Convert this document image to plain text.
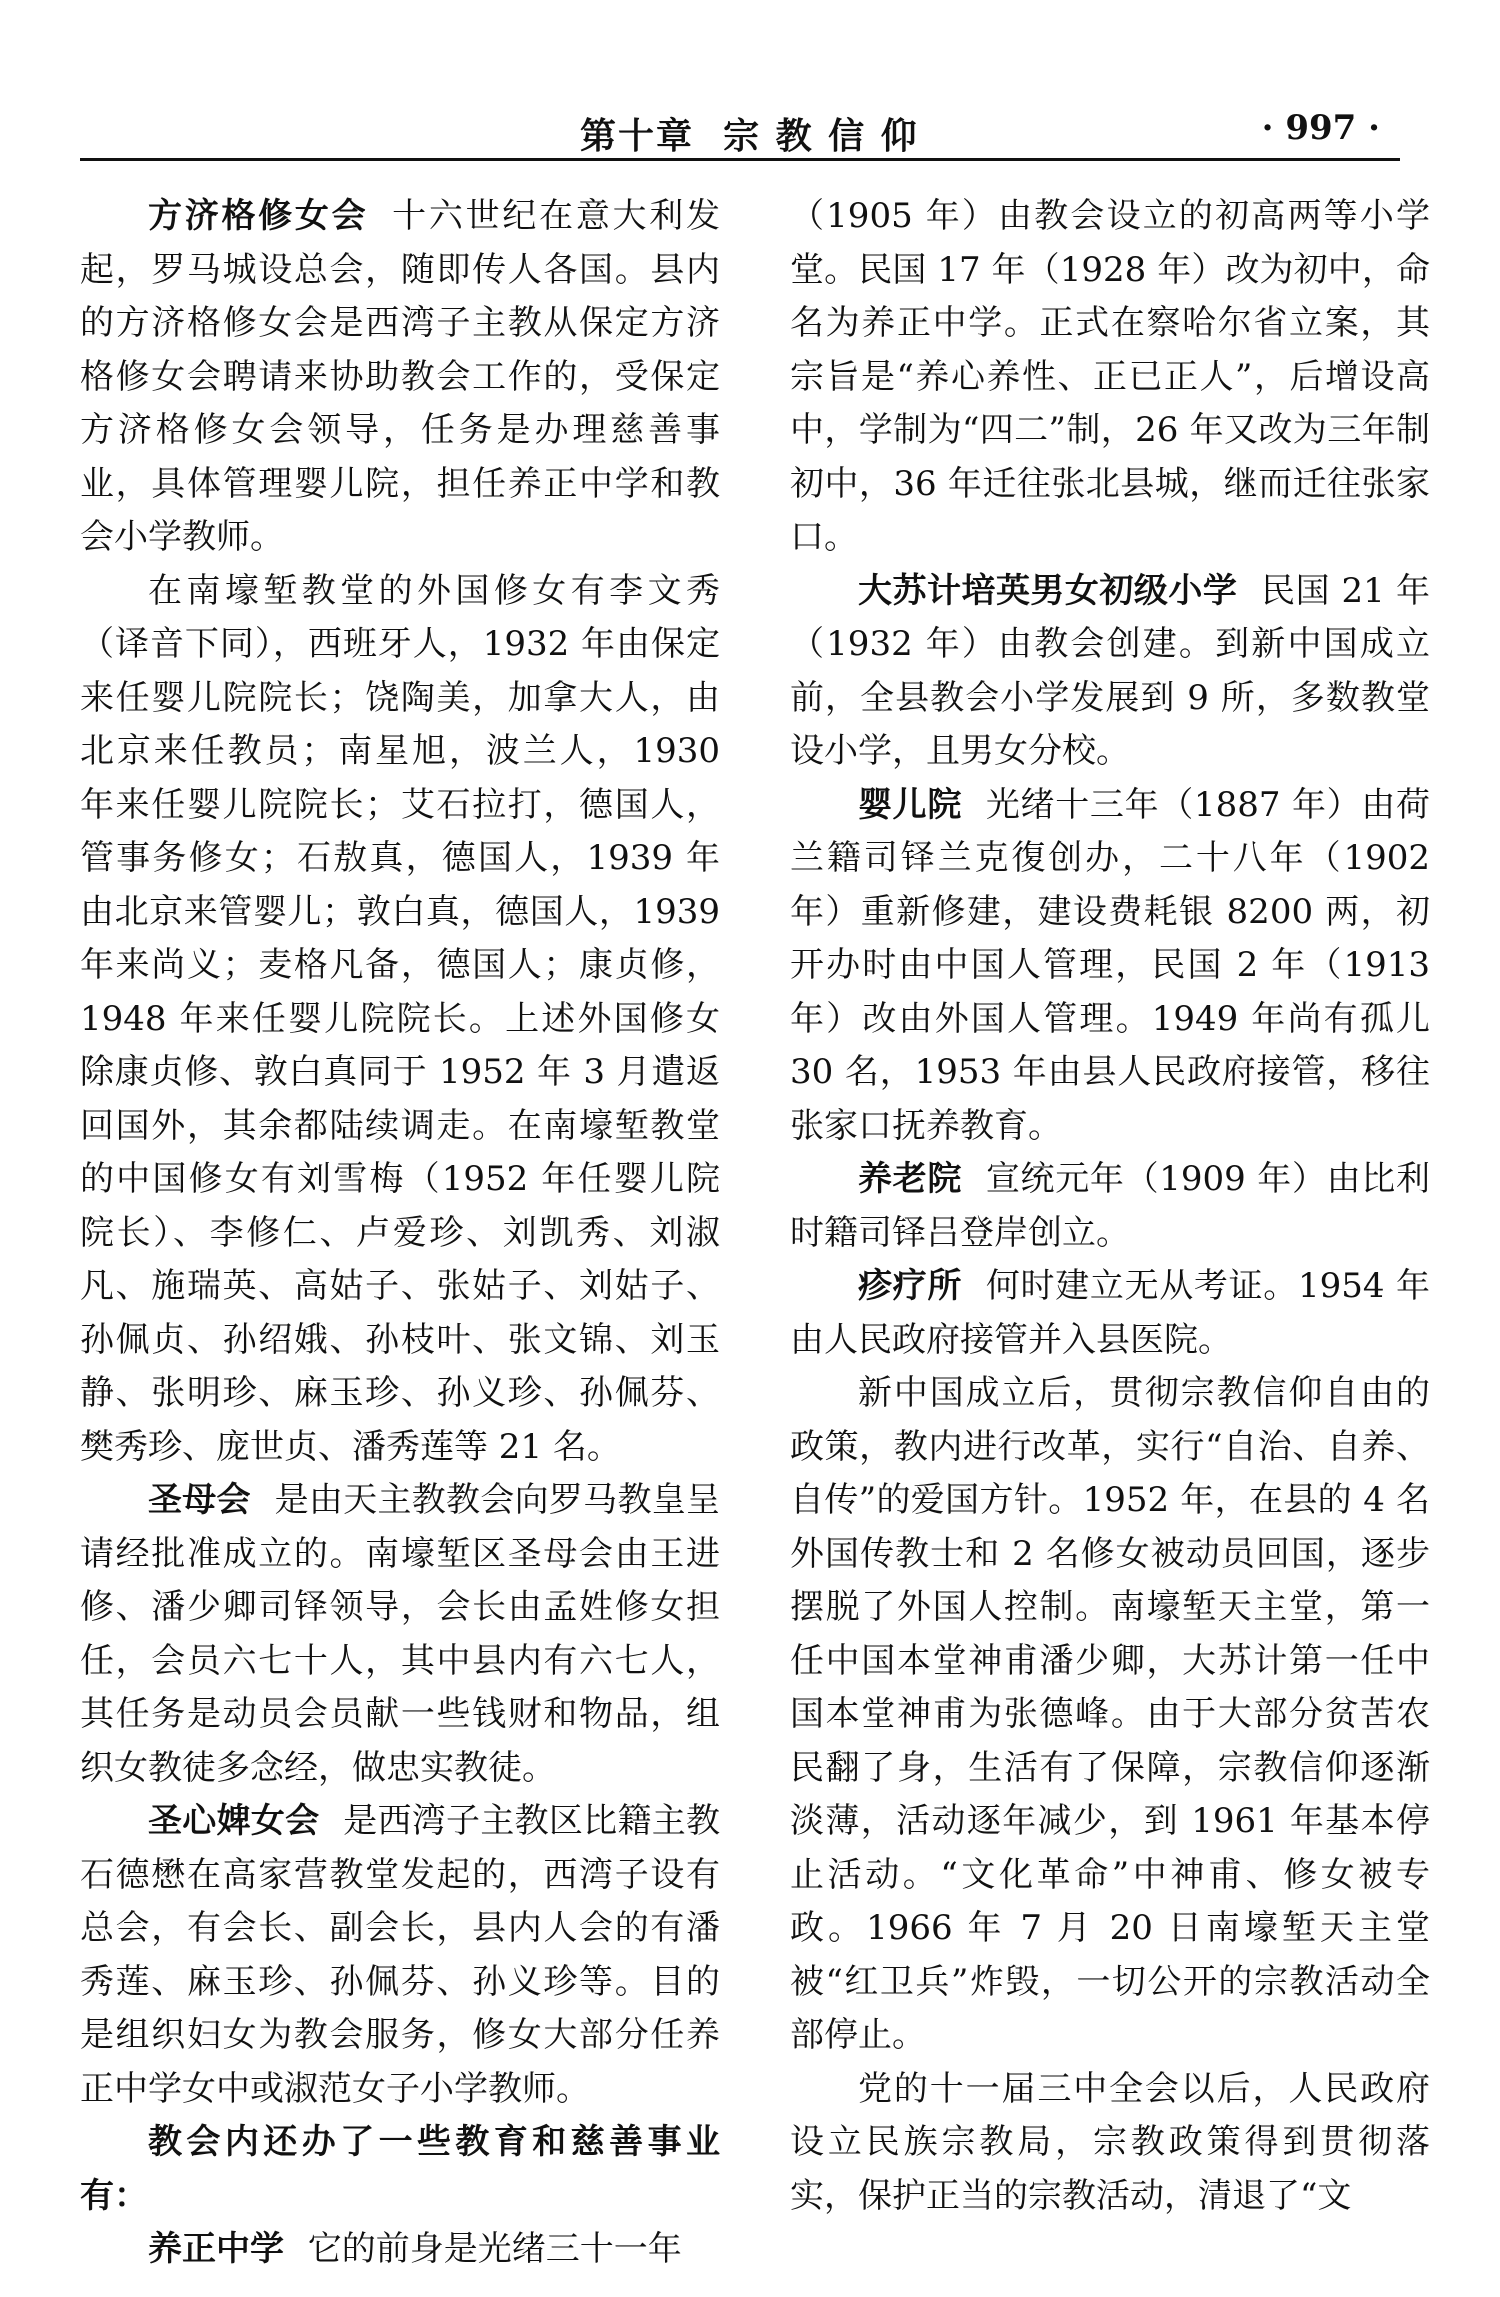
第十章  宗 教 信 仰	· 997 ·

方济格修女会 十六世纪在意大利发起，罗马城设总会，随即传人各国。县内的方济格修女会是西湾子主教从保定方济格修女会聘请来协助教会工作的，受保定方济格修女会领导，任务是办理慈善事业，具体管理婴儿院，担任养正中学和教会小学教师。

在南壕堑教堂的外国修女有李文秀（译音下同），西班牙人，1932 年由保定来任婴儿院院长；饶陶美，加拿大人，由北京来任教员；南星旭，波兰人，1930 年来任婴儿院院长；艾石拉打，德国人，管事务修女；石敖真，德国人，1939 年由北京来管婴儿；敦白真，德国人，1939 年来尚义；麦格凡备，德国人；康贞修，1948 年来任婴儿院院长。上述外国修女除康贞修、敦白真同于 1952 年 3 月遣返回国外，其余都陆续调走。在南壕堑教堂的中国修女有刘雪梅（1952 年任婴儿院院长）、李修仁、卢爱珍、刘凯秀、刘淑凡、施瑞英、高姑子、张姑子、刘姑子、孙佩贞、孙绍娥、孙枝叶、张文锦、刘玉静、张明珍、麻玉珍、孙义珍、孙佩芬、樊秀珍、庞世贞、潘秀莲等 21 名。

圣母会 是由天主教教会向罗马教皇呈请经批准成立的。南壕堑区圣母会由王进修、潘少卿司铎领导，会长由孟姓修女担任，会员六七十人，其中县内有六七人，其任务是动员会员献一些钱财和物品，组织女教徒多念经，做忠实教徒。

圣心婢女会 是西湾子主教区比籍主教石德懋在高家营教堂发起的，西湾子设有总会，有会长、副会长，县内人会的有潘秀莲、麻玉珍、孙佩芬、孙义珍等。目的是组织妇女为教会服务，修女大部分任养正中学女中或淑范女子小学教师。

教会内还办了一些教育和慈善事业有：

养正中学 它的前身是光绪三十一年

（1905 年）由教会设立的初高两等小学堂。民国 17 年（1928 年）改为初中，命名为养正中学。正式在察哈尔省立案，其宗旨是“养心养性、正已正人”，后增设高中，学制为“四二”制，26 年又改为三年制初中，36 年迁往张北县城，继而迁往张家口。

大苏计培英男女初级小学 民国 21 年（1932 年）由教会创建。到新中国成立前，全县教会小学发展到 9 所，多数教堂设小学，且男女分校。

婴儿院 光绪十三年（1887 年）由荷兰籍司铎兰克復创办，二十八年（1902 年）重新修建，建设费耗银 8200 两，初开办时由中国人管理，民国 2 年（1913 年）改由外国人管理。1949 年尚有孤儿 30 名，1953 年由县人民政府接管，移往张家口抚养教育。

养老院 宣统元年（1909 年）由比利时籍司铎吕登岸创立。

疹疗所 何时建立无从考证。1954 年由人民政府接管并入县医院。

新中国成立后，贯彻宗教信仰自由的政策，教内进行改革，实行“自治、自养、自传”的爱国方针。1952 年，在县的 4 名外国传教士和 2 名修女被动员回国，逐步摆脱了外国人控制。南壕堑天主堂，第一任中国本堂神甫潘少卿，大苏计第一任中国本堂神甫为张德峰。由于大部分贫苦农民翻了身，生活有了保障，宗教信仰逐渐淡薄，活动逐年减少，到 1961 年基本停止活动。“文化革命”中神甫、修女被专政。1966 年 7 月 20 日南壕堑天主堂被“红卫兵”炸毁，一切公开的宗教活动全部停止。

党的十一届三中全会以后，人民政府设立民族宗教局，宗教政策得到贯彻落实，保护正当的宗教活动，清退了“文
